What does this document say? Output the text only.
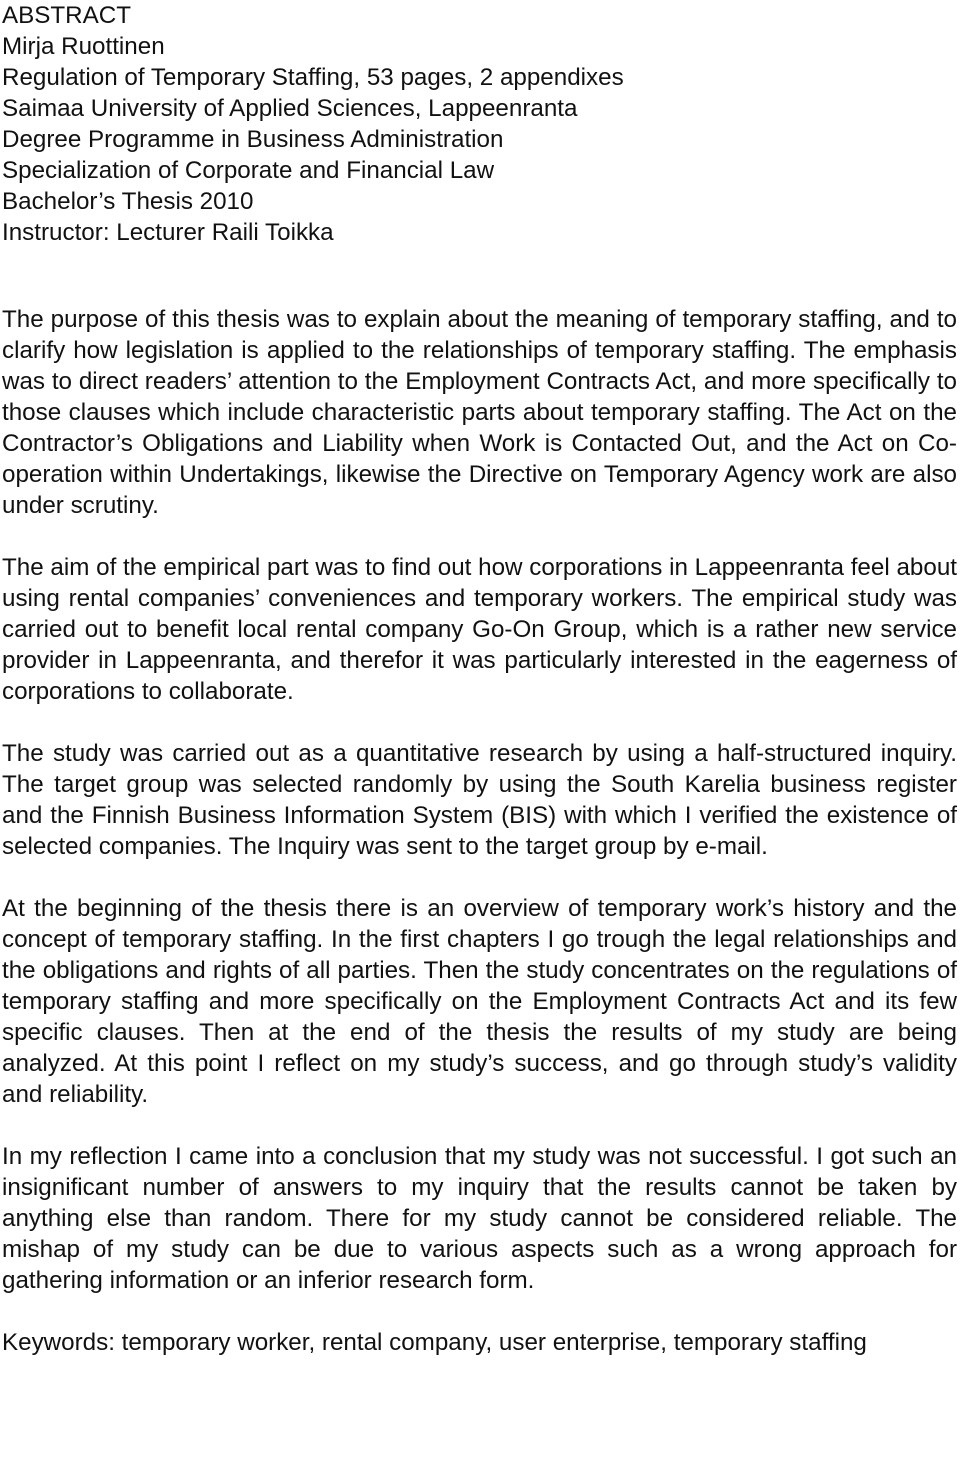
ABSTRACT
Mirja Ruottinen
Regulation of Temporary Staffing, 53 pages, 2 appendixes
Saimaa University of Applied Sciences, Lappeenranta
Degree Programme in Business Administration
Specialization of Corporate and Financial Law
Bachelor’s Thesis 2010
Instructor: Lecturer Raili Toikka

The purpose of this thesis was to explain about the meaning of temporary staffing, and to clarify how legislation is applied to the relationships of temporary staffing. The emphasis was to direct readers’ attention to the Employment Contracts Act, and more specifically to those clauses which include characteristic parts about temporary staffing. The Act on the Contractor’s Obligations and Liability when Work is Contacted Out, and the Act on Co-operation within Undertakings, likewise the Directive on Temporary Agency work are also under scrutiny.

The aim of the empirical part was to find out how corporations in Lappeenranta feel about using rental companies’ conveniences and temporary workers. The empirical study was carried out to benefit local rental company Go-On Group, which is a rather new service provider in Lappeenranta, and therefor it was particularly interested in the eagerness of corporations to collaborate.

The study was carried out as a quantitative research by using a half-structured inquiry. The target group was selected randomly by using the South Karelia business register and the Finnish Business Information System (BIS) with which I verified the existence of selected companies. The Inquiry was sent to the target group by e-mail.

At the beginning of the thesis there is an overview of temporary work’s history and the concept of temporary staffing. In the first chapters I go trough the legal relationships and the obligations and rights of all parties. Then the study concentrates on the regulations of temporary staffing and more specifically on the Employment Contracts Act and its few specific clauses. Then at the end of the thesis the results of my study are being analyzed. At this point I reflect on my study’s success, and go through study’s validity and reliability.

In my reflection I came into a conclusion that my study was not successful. I got such an insignificant number of answers to my inquiry that the results cannot be taken by anything else than random. There for my study cannot be considered reliable. The mishap of my study can be due to various aspects such as a wrong approach for gathering information or an inferior research form.

Keywords: temporary worker, rental company, user enterprise, temporary staffing
